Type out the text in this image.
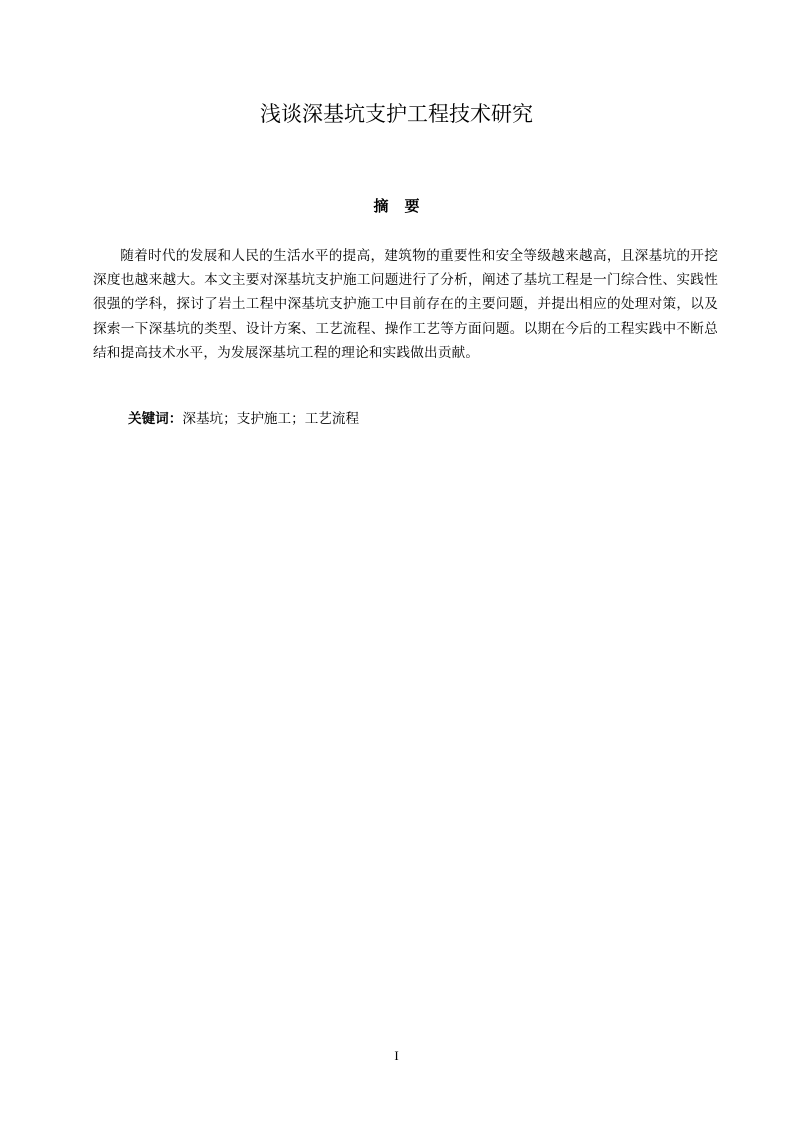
浅谈深基坑支护工程技术研究
摘要

随着时代的发展和人民的生活水平的提高，建筑物的重要性和安全等级越来越高，且深基坑的开挖深度也越来越大。本文主要对深基坑支护施工问题进行了分析，阐述了基坑工程是一门综合性、实践性很强的学科，探讨了岩土工程中深基坑支护施工中目前存在的主要问题，并提出相应的处理对策，以及探索一下深基坑的类型、设计方案、工艺流程、操作工艺等方面问题。以期在今后的工程实践中不断总结和提高技术水平，为发展深基坑工程的理论和实践做出贡献。

关键词：深基坑；支护施工；工艺流程
I
